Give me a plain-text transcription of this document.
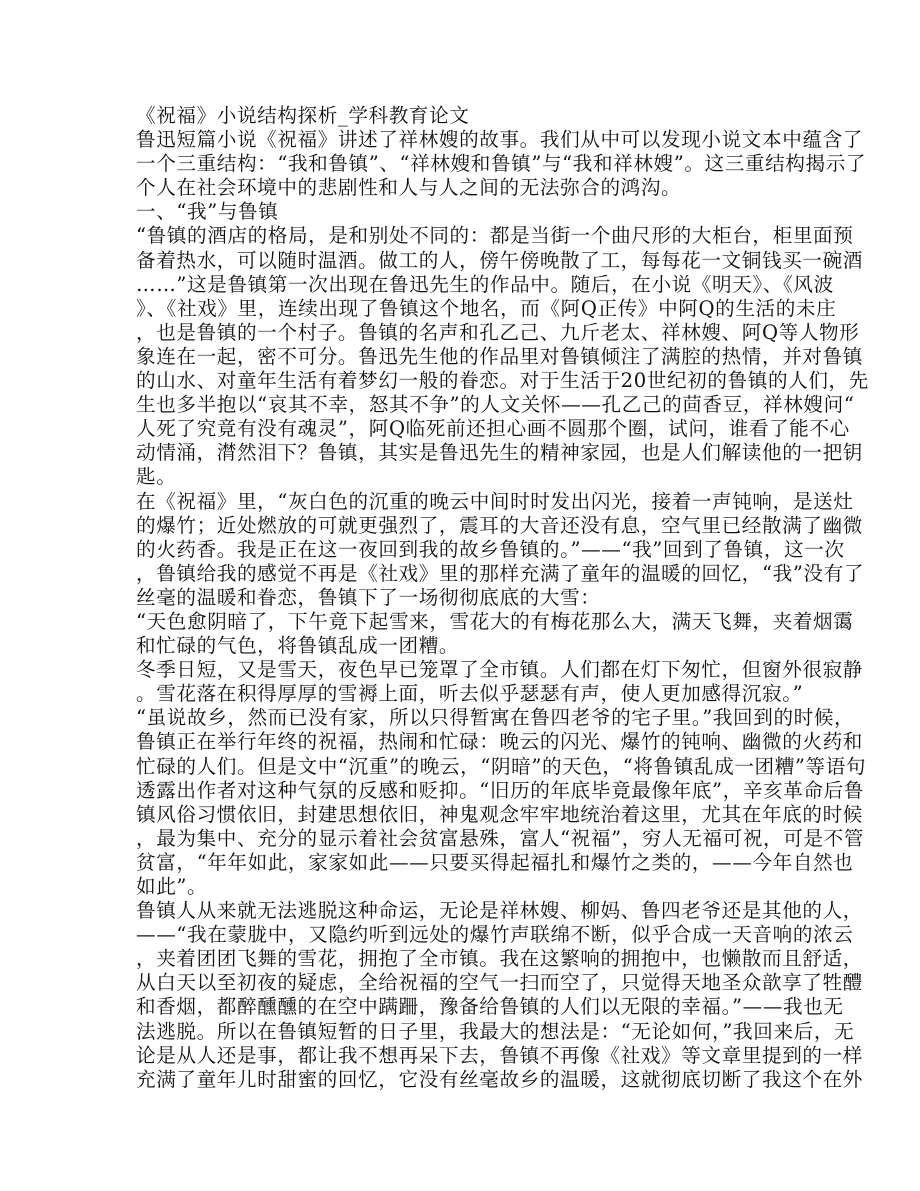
《祝福》小说结构探析_学科教育论文
鲁迅短篇小说《祝福》讲述了祥林嫂的故事。我们从中可以发现小说文本中蕴含了
一个三重结构：“我和鲁镇”、“祥林嫂和鲁镇”与“我和祥林嫂”。这三重结构揭示了
个人在社会环境中的悲剧性和人与人之间的无法弥合的鸿沟。
一、“我”与鲁镇
“鲁镇的酒店的格局，是和别处不同的：都是当街一个曲尺形的大柜台，柜里面预
备着热水，可以随时温酒。做工的人，傍午傍晚散了工，每每花一文铜钱买一碗酒
……”这是鲁镇第一次出现在鲁迅先生的作品中。随后，在小说《明天》、《风波
》、《社戏》里，连续出现了鲁镇这个地名，而《阿Q正传》中阿Q的生活的未庄
，也是鲁镇的一个村子。鲁镇的名声和孔乙己、九斤老太、祥林嫂、阿Q等人物形
象连在一起，密不可分。鲁迅先生他的作品里对鲁镇倾注了满腔的热情，并对鲁镇
的山水、对童年生活有着梦幻一般的眷恋。对于生活于20世纪初的鲁镇的人们，先
生也多半抱以“哀其不幸，怒其不争”的人文关怀——孔乙己的茴香豆，祥林嫂问“
人死了究竟有没有魂灵”，阿Q临死前还担心画不圆那个圈，试问，谁看了能不心
动情涌，潸然泪下？鲁镇，其实是鲁迅先生的精神家园，也是人们解读他的一把钥
匙。
在《祝福》里，“灰白色的沉重的晚云中间时时发出闪光，接着一声钝响，是送灶
的爆竹；近处燃放的可就更强烈了，震耳的大音还没有息，空气里已经散满了幽微
的火药香。我是正在这一夜回到我的故乡鲁镇的。”——“我”回到了鲁镇，这一次
，鲁镇给我的感觉不再是《社戏》里的那样充满了童年的温暖的回忆，“我”没有了
丝毫的温暖和眷恋，鲁镇下了一场彻彻底底的大雪：
“天色愈阴暗了，下午竟下起雪来，雪花大的有梅花那么大，满天飞舞，夹着烟霭
和忙碌的气色，将鲁镇乱成一团糟。
冬季日短，又是雪天，夜色早已笼罩了全市镇。人们都在灯下匆忙，但窗外很寂静
。雪花落在积得厚厚的雪褥上面，听去似乎瑟瑟有声，使人更加感得沉寂。”
“虽说故乡，然而已没有家，所以只得暂寓在鲁四老爷的宅子里。”我回到的时候，
鲁镇正在举行年终的祝福，热闹和忙碌：晚云的闪光、爆竹的钝响、幽微的火药和
忙碌的人们。但是文中“沉重”的晚云，“阴暗”的天色，“将鲁镇乱成一团糟”等语句
透露出作者对这种气氛的反感和贬抑。“旧历的年底毕竟最像年底”，辛亥革命后鲁
镇风俗习惯依旧，封建思想依旧，神鬼观念牢牢地统治着这里，尤其在年底的时候
，最为集中、充分的显示着社会贫富悬殊，富人“祝福”，穷人无福可祝，可是不管
贫富，“年年如此，家家如此——只要买得起福扎和爆竹之类的，——今年自然也
如此”。
鲁镇人从来就无法逃脱这种命运，无论是祥林嫂、柳妈、鲁四老爷还是其他的人，
——“我在蒙胧中，又隐约听到远处的爆竹声联绵不断，似乎合成一天音响的浓云
，夹着团团飞舞的雪花，拥抱了全市镇。我在这繁响的拥抱中，也懒散而且舒适，
从白天以至初夜的疑虑，全给祝福的空气一扫而空了，只觉得天地圣众歆享了牲醴
和香烟，都醉醺醺的在空中蹒跚，豫备给鲁镇的人们以无限的幸福。”——我也无
法逃脱。所以在鲁镇短暂的日子里，我最大的想法是：“无论如何，”我回来后，无
论是从人还是事，都让我不想再呆下去，鲁镇不再像《社戏》等文章里提到的一样
充满了童年儿时甜蜜的回忆，它没有丝毫故乡的温暖，这就彻底切断了我这个在外
